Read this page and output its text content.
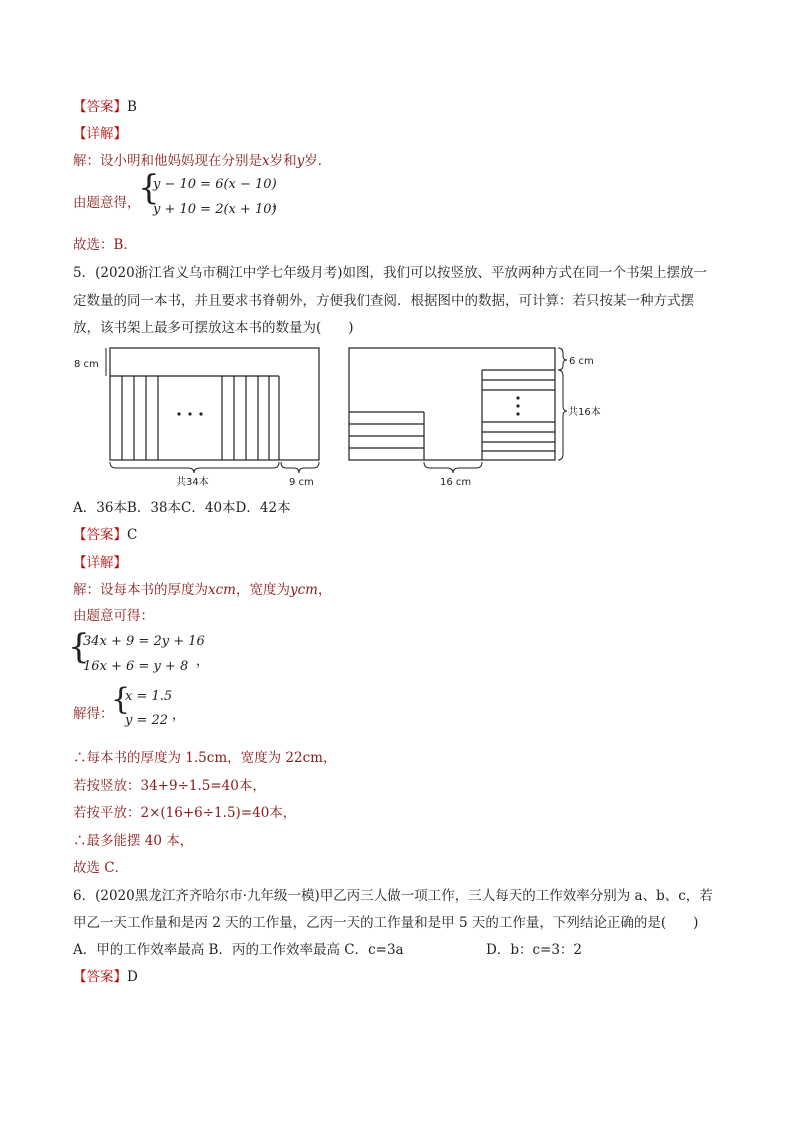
【答案】B
【详解】
解：设小明和他妈妈现在分别是x岁和y岁．
由题意得，
{
y − 10 = 6(x − 10)
y + 10 = 2(x + 10)
，
故选：B．
5．(2020浙江省义乌市稠江中学七年级月考)如图，我们可以按竖放、平放两种方式在同一个书架上摆放一
定数量的同一本书，并且要求书脊朝外，方便我们查阅．根据图中的数据，可计算：若只按某一种方式摆
放，该书架上最多可摆放这本书的数量为(　　)
8 cm
共34本	9 cm
6 cm
共16本
16 cm
A．36本B．38本C．40本D．42本
【答案】C
【详解】
解：设每本书的厚度为xcm，宽度为ycm，
由题意可得：
{
34x + 9 = 2y + 16
16x + 6 = y + 8 ，
解得：
{
x = 1.5
y = 22 ，
∴每本书的厚度为 1.5cm，宽度为 22cm，
若按竖放：34+9÷1.5=40本，
若按平放：2×(16+6÷1.5)=40本，
∴最多能摆 40 本，
故选 C．
6．(2020黑龙江齐齐哈尔市·九年级一模)甲乙丙三人做一项工作，三人每天的工作效率分别为 a、b、c，若
甲乙一天工作量和是丙 2 天的工作量，乙丙一天的工作量和是甲 5 天的工作量，下列结论正确的是(　　)
A．甲的工作效率最高 B．丙的工作效率最高 C．c=3a	D．b：c=3：2
【答案】D
